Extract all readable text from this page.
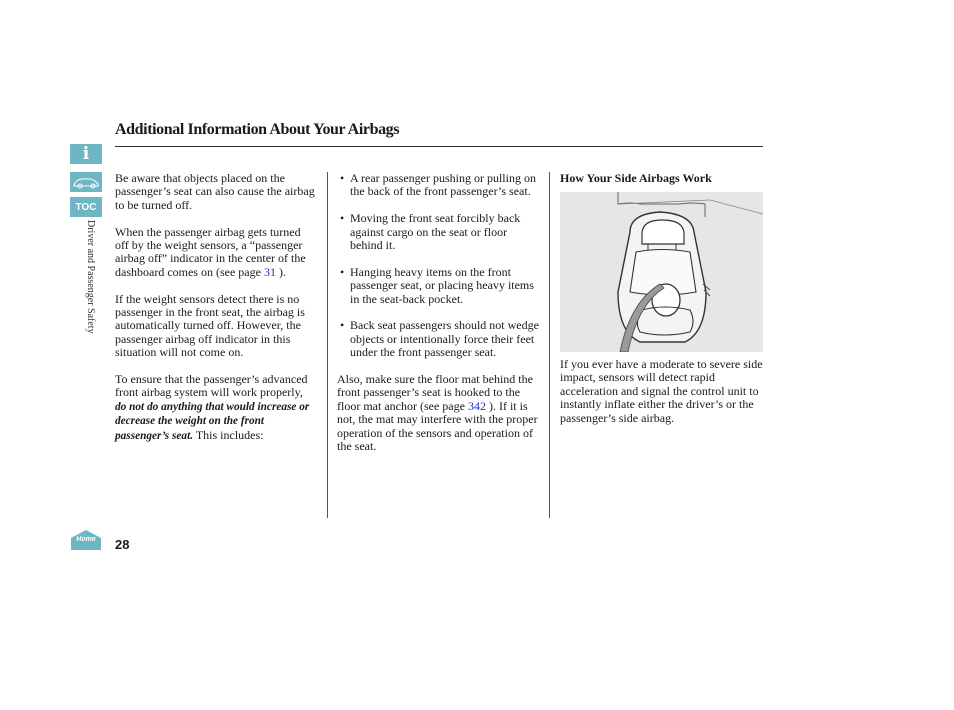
i
TOC
Driver and Passenger Safety
Additional Information About Your Airbags

Be aware that objects placed on the passenger’s seat can also cause the airbag to be turned off.

When the passenger airbag gets turned off by the weight sensors, a “passenger airbag off” indicator in the center of the dashboard comes on (see page 31 ).

If the weight sensors detect there is no passenger in the front seat, the airbag is automatically turned off. However, the passenger airbag off indicator in this situation will not come on.

To ensure that the passenger’s advanced front airbag system will work properly, do not do anything that would increase or decrease the weight on the front passenger’s seat. This includes:

• A rear passenger pushing or pulling on the back of the front passenger’s seat.
• Moving the front seat forcibly back against cargo on the seat or floor behind it.
• Hanging heavy items on the front passenger seat, or placing heavy items in the seat-back pocket.
• Back seat passengers should not wedge objects or intentionally force their feet under the front passenger seat.

Also, make sure the floor mat behind the front passenger’s seat is hooked to the floor mat anchor (see page 342 ). If it is not, the mat may interfere with the proper operation of the sensors and operation of the seat.

How Your Side Airbags Work
If you ever have a moderate to severe side impact, sensors will detect rapid acceleration and signal the control unit to instantly inflate either the driver’s or the passenger’s side airbag.
Home	28
